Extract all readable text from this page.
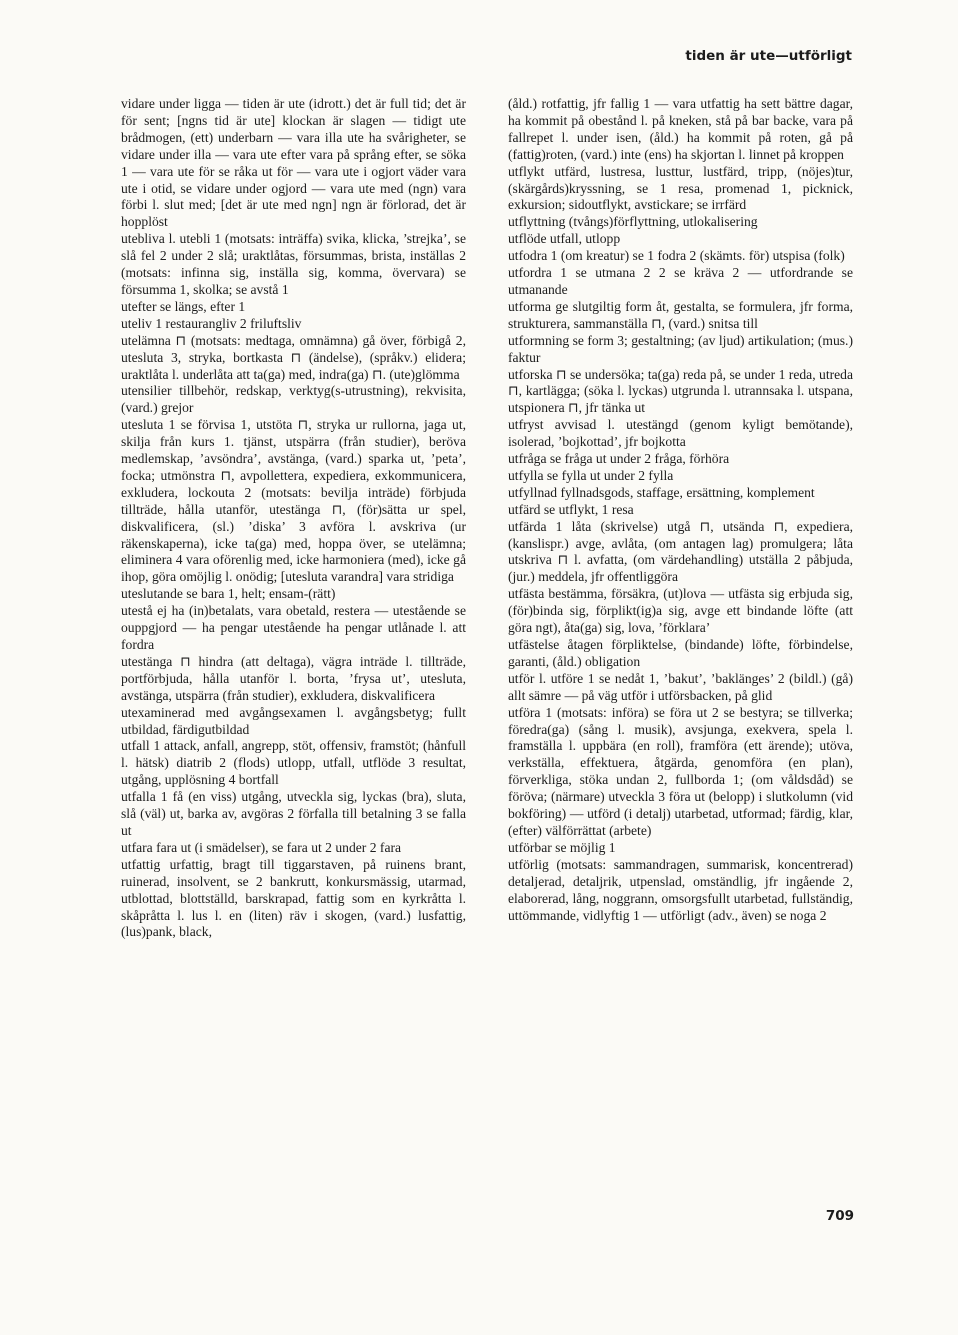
tiden är ute—utförligt

vidare under ligga — tiden är ute (idrott.) det är full tid; det är för sent; [ngns tid är ute] klockan är slagen — tidigt ute brådmogen, (ett) underbarn — vara illa ute ha svårigheter, se vidare under illa — vara ute efter vara på språng efter, se söka 1 — vara ute för se råka ut för — vara ute i ogjort väder vara ute i otid, se vidare under ogjord — vara ute med (ngn) vara förbi l. slut med; [det är ute med ngn] ngn är förlorad, det är hopplöst

utebliva l. utebli 1 (motsats: inträffa) svika, klicka, ’strejka’, se slå fel 2 under 2 slå; uraktlåtas, försummas, brista, inställas 2 (motsats: infinna sig, inställa sig, komma, övervara) se försumma 1, skolka; se avstå 1

utefter se längs, efter 1

uteliv 1 restaurangliv 2 friluftsliv

utelämna ⊓ (motsats: medtaga, omnämna) gå över, förbigå 2, utesluta 3, stryka, bortkasta ⊓ (ändelse), (språkv.) elidera; uraktlåta l. underlåta att ta(ga) med, indra(ga) ⊓. (ute)glömma

utensilier tillbehör, redskap, verktyg(s-utrustning), rekvisita, (vard.) grejor

utesluta 1 se förvisa 1, utstöta ⊓, stryka ur rullorna, jaga ut, skilja från kurs 1. tjänst, utspärra (från studier), beröva medlemskap, ’avsöndra’, avstänga, (vard.) sparka ut, ’peta’, focka; utmönstra ⊓, avpollettera, expediera, exkommunicera, exkludera, lockouta 2 (motsats: bevilja inträde) förbjuda tillträde, hålla utanför, utestänga ⊓, (för)sätta ur spel, diskvalificera, (sl.) ’diska’ 3 avföra l. avskriva (ur räkenskaperna), icke ta(ga) med, hoppa över, se utelämna; eliminera 4 vara oförenlig med, icke harmoniera (med), icke gå ihop, göra omöjlig l. onödig; [utesluta varandra] vara stridiga

uteslutande se bara 1, helt; ensam-(rätt)

utestå ej ha (in)betalats, vara obetald, restera — utestående se ouppgjord — ha pengar utestående ha pengar utlånade l. att fordra

utestänga ⊓ hindra (att deltaga), vägra inträde l. tillträde, portförbjuda, hålla utanför l. borta, ’frysa ut’, utesluta, avstänga, utspärra (från studier), exkludera, diskvalificera

utexaminerad med avgångsexamen l. avgångsbetyg; fullt utbildad, färdigutbildad

utfall 1 attack, anfall, angrepp, stöt, offensiv, framstöt; (hånfull l. hätsk) diatrib 2 (flods) utlopp, utfall, utflöde 3 resultat, utgång, upplösning 4 bortfall

utfalla 1 få (en viss) utgång, utveckla sig, lyckas (bra), sluta, slå (väl) ut, barka av, avgöras 2 förfalla till betalning 3 se falla ut

utfara fara ut (i smädelser), se fara ut 2 under 2 fara

utfattig urfattig, bragt till tiggarstaven, på ruinens brant, ruinerad, insolvent, se 2 bankrutt, konkursmässig, utarmad, utblottad, blottställd, barskrapad, fattig som en kyrkråtta l. skåpråtta l. lus l. en (liten) räv i skogen, (vard.) lusfattig, (lus)pank, black,

(åld.) rotfattig, jfr fallig 1 — vara utfattig ha sett bättre dagar, ha kommit på obestånd l. på kneken, stå på bar backe, vara på fallrepet l. under isen, (åld.) ha kommit på roten, gå på (fattig)roten, (vard.) inte (ens) ha skjortan l. linnet på kroppen

utflykt utfärd, lustresa, lusttur, lustfärd, tripp, (nöjes)tur, (skärgårds)kryssning, se 1 resa, promenad 1, picknick, exkursion; sidoutflykt, avstickare; se irrfärd

utflyttning (tvångs)förflyttning, utlokalisering

utflöde utfall, utlopp

utfodra 1 (om kreatur) se 1 fodra 2 (skämts. för) utspisa (folk)

utfordra 1 se utmana 2 2 se kräva 2 — utfordrande se utmanande

utforma ge slutgiltig form åt, gestalta, se formulera, jfr forma, strukturera, sammanställa ⊓, (vard.) snitsa till

utformning se form 3; gestaltning; (av ljud) artikulation; (mus.) faktur

utforska ⊓ se undersöka; ta(ga) reda på, se under 1 reda, utreda ⊓, kartlägga; (söka l. lyckas) utgrunda l. utrannsaka l. utspana, utspionera ⊓, jfr tänka ut

utfryst avvisad l. utestängd (genom kyligt bemötande), isolerad, ’bojkottad’, jfr bojkotta

utfråga se fråga ut under 2 fråga, förhöra

utfylla se fylla ut under 2 fylla

utfyllnad fyllnadsgods, staffage, ersättning, komplement

utfärd se utflykt, 1 resa

utfärda 1 låta (skrivelse) utgå ⊓, utsända ⊓, expediera, (kanslispr.) avge, avlåta, (om antagen lag) promulgera; låta utskriva ⊓ l. avfatta, (om värdehandling) utställa 2 påbjuda, (jur.) meddela, jfr offentliggöra

utfästa bestämma, försäkra, (ut)lova — utfästa sig erbjuda sig, (för)binda sig, förplikt(ig)a sig, avge ett bindande löfte (att göra ngt), åta(ga) sig, lova, ’förklara’

utfästelse åtagen förpliktelse, (bindande) löfte, förbindelse, garanti, (åld.) obligation

utför l. utföre 1 se nedåt 1, ’bakut’, ’baklänges’ 2 (bildl.) (gå) allt sämre — på väg utför i utförsbacken, på glid

utföra 1 (motsats: införa) se föra ut 2 se bestyra; se tillverka; föredra(ga) (sång l. musik), avsjunga, exekvera, spela l. framställa l. uppbära (en roll), framföra (ett ärende); utöva, verkställa, effektuera, åtgärda, genomföra (en plan), förverkliga, stöka undan 2, fullborda 1; (om våldsdåd) se föröva; (närmare) utveckla 3 föra ut (belopp) i slutkolumn (vid bokföring) — utförd (i detalj) utarbetad, utformad; färdig, klar, (efter) välförrättat (arbete)

utförbar se möjlig 1

utförlig (motsats: sammandragen, summarisk, koncentrerad) detaljerad, detaljrik, utpenslad, omständlig, jfr ingående 2, elaborerad, lång, noggrann, omsorgsfullt utarbetad, fullständig, uttömmande, vidlyftig 1 — utförligt (adv., även) se noga 2

709
